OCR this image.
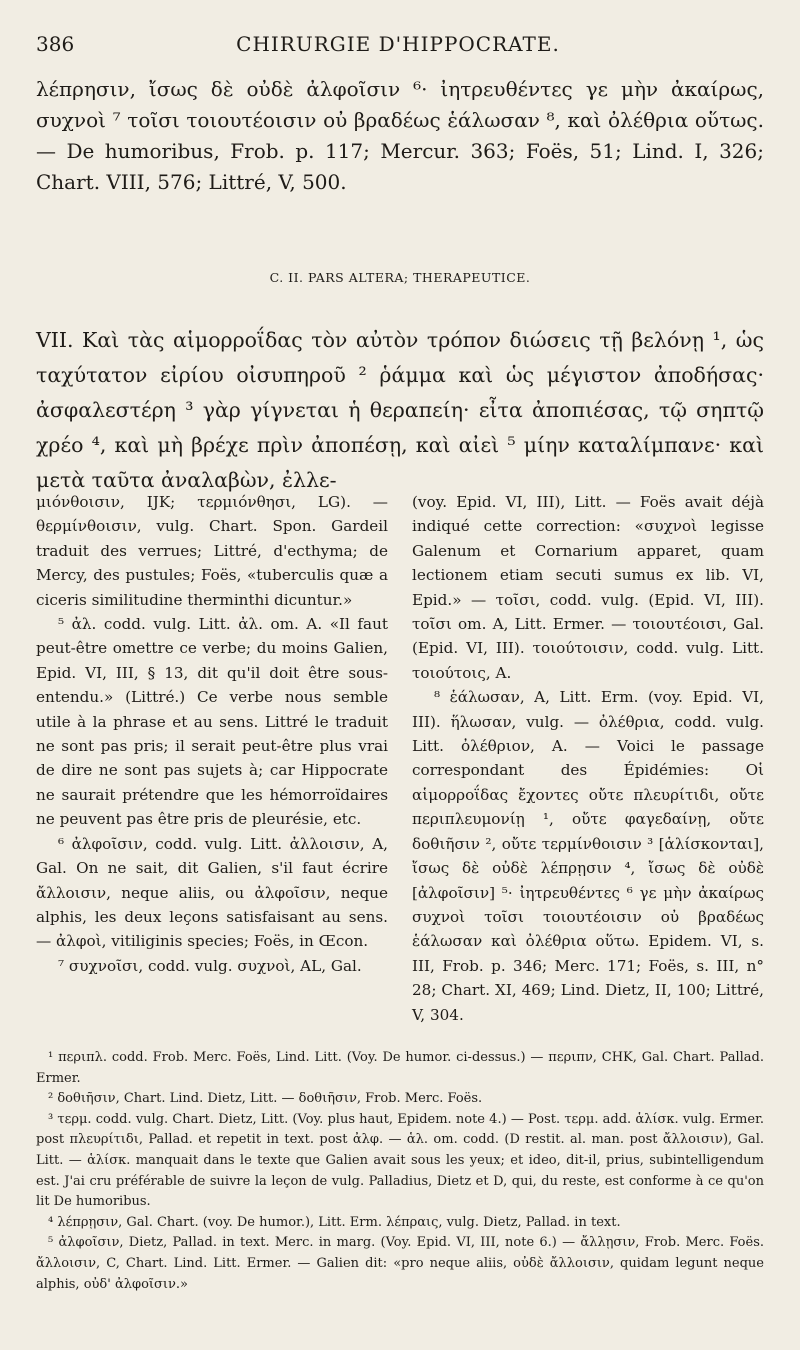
386	CHIRURGIE D'HIPPOCRATE.

λέπρησιν, ἴσως δὲ οὐδὲ ἀλφοῖσιν ⁶· ἰητρευθέντες γε μὴν ἀκαίρως, συχνοὶ ⁷ τοῖσι τοιουτέοισιν οὐ βραδέως ἑάλωσαν ⁸, καὶ ὀλέθρια οὕτως. — De humoribus, Frob. p. 117; Mercur. 363; Foës, 51; Lind. I, 326; Chart. VIII, 576; Littré, V, 500.

C. II. PARS ALTERA; THERAPEUTICE.

VII. Καὶ τὰς αἱμορροΐδας τὸν αὐτὸν τρόπον διώσεις τῇ βελόνῃ ¹, ὡς ταχύτατον εἰρίου οἰσυπηροῦ ² ῥάμμα καὶ ὡς μέγιστον ἀποδήσας· ἀσφαλεστέρη ³ γὰρ γίγνεται ἡ θεραπείη· εἶτα ἀποπιέσας, τῷ σηπτῷ χρέο ⁴, καὶ μὴ βρέχε πρὶν ἀποπέσῃ, καὶ αἰεὶ ⁵ μίην καταλίμπανε· καὶ μετὰ ταῦτα ἀναλαβὼν, ἐλλε-

μιόνθοισιν, IJK; τερμιόνθησι, LG). — θερμίνθοισιν, vulg. Chart. Spon. Gardeil traduit des verrues; Littré, d'ecthyma; de Mercy, des pustules; Foës, «tuberculis quæ a ciceris similitudine therminthi dicuntur.»

⁵ ἀλ. codd. vulg. Litt. ἀλ. om. A. «Il faut peut-être omettre ce verbe; du moins Galien, Epid. VI, III, § 13, dit qu'il doit être sous-entendu.» (Littré.) Ce verbe nous semble utile à la phrase et au sens. Littré le traduit ne sont pas pris; il serait peut-être plus vrai de dire ne sont pas sujets à; car Hippocrate ne saurait prétendre que les hémorroïdaires ne peuvent pas être pris de pleurésie, etc.

⁶ ἀλφοῖσιν, codd. vulg. Litt. ἀλλοισιν, A, Gal. On ne sait, dit Galien, s'il faut écrire ἄλλοισιν, neque aliis, ou ἀλφοῖσιν, neque alphis, les deux leçons satisfaisant au sens. — ἀλφοὶ, vitiliginis species; Foës, in Œcon.

⁷ συχνοῖσι, codd. vulg. συχνοὶ, AL, Gal.

(voy. Epid. VI, III), Litt. — Foës avait déjà indiqué cette correction: «συχνοὶ legisse Galenum et Cornarium apparet, quam lectionem etiam secuti sumus ex lib. VI, Epid.» — τοῖσι, codd. vulg. (Epid. VI, III). τοῖσι om. A, Litt. Ermer. — τοιουτέοισι, Gal. (Epid. VI, III). τοιούτοισιν, codd. vulg. Litt. τοιούτοις, A.

⁸ ἑάλωσαν, A, Litt. Erm. (voy. Epid. VI, III). ἥλωσαν, vulg. — ὀλέθρια, codd. vulg. Litt. ὀλέθριον, A. — Voici le passage correspondant des Épidémies: Οἱ αἱμορροΐδας ἔχοντες οὔτε πλευρίτιδι, οὔτε περιπλευμονίῃ ¹, οὔτε φαγεδαίνῃ, οὔτε δοθιῆσιν ², οὔτε τερμίνθοισιν ³ [ἁλίσκονται], ἴσως δὲ οὐδὲ λέπρῃσιν ⁴, ἴσως δὲ οὐδὲ [ἀλφοῖσιν] ⁵· ἰητρευθέντες ⁶ γε μὴν ἀκαίρως συχνοὶ τοῖσι τοιουτέοισιν οὐ βραδέως ἑάλωσαν καὶ ὀλέθρια οὕτω. Epidem. VI, s. III, Frob. p. 346; Merc. 171; Foës, s. III, n° 28; Chart. XI, 469; Lind. Dietz, II, 100; Littré, V, 304.

¹ περιπλ. codd. Frob. Merc. Foës, Lind. Litt. (Voy. De humor. ci-dessus.) — περιπν, CHK, Gal. Chart. Pallad. Ermer.

² δοθιῆσιν, Chart. Lind. Dietz, Litt. — δοθιῆσιν, Frob. Merc. Foës.

³ τερμ. codd. vulg. Chart. Dietz, Litt. (Voy. plus haut, Epidem. note 4.) — Post. τερμ. add. ἁλίσκ. vulg. Ermer. post πλευρίτιδι, Pallad. et repetit in text. post ἀλφ. — ἁλ. om. codd. (D restit. al. man. post ἄλλοισιν), Gal. Litt. — ἁλίσκ. manquait dans le texte que Galien avait sous les yeux; et ideo, dit-il, prius, subintelligendum est. J'ai cru préférable de suivre la leçon de vulg. Palladius, Dietz et D, qui, du reste, est conforme à ce qu'on lit De humoribus.

⁴ λέπρῃσιν, Gal. Chart. (voy. De humor.), Litt. Erm. λέπραις, vulg. Dietz, Pallad. in text.

⁵ ἀλφοῖσιν, Dietz, Pallad. in text. Merc. in marg. (Voy. Epid. VI, III, note 6.) — ἄλλῃσιν, Frob. Merc. Foës. ἄλλοισιν, C, Chart. Lind. Litt. Ermer. — Galien dit: «pro neque aliis, οὐδὲ ἄλλοισιν, quidam legunt neque alphis, οὐδ' ἀλφοῖσιν.»
